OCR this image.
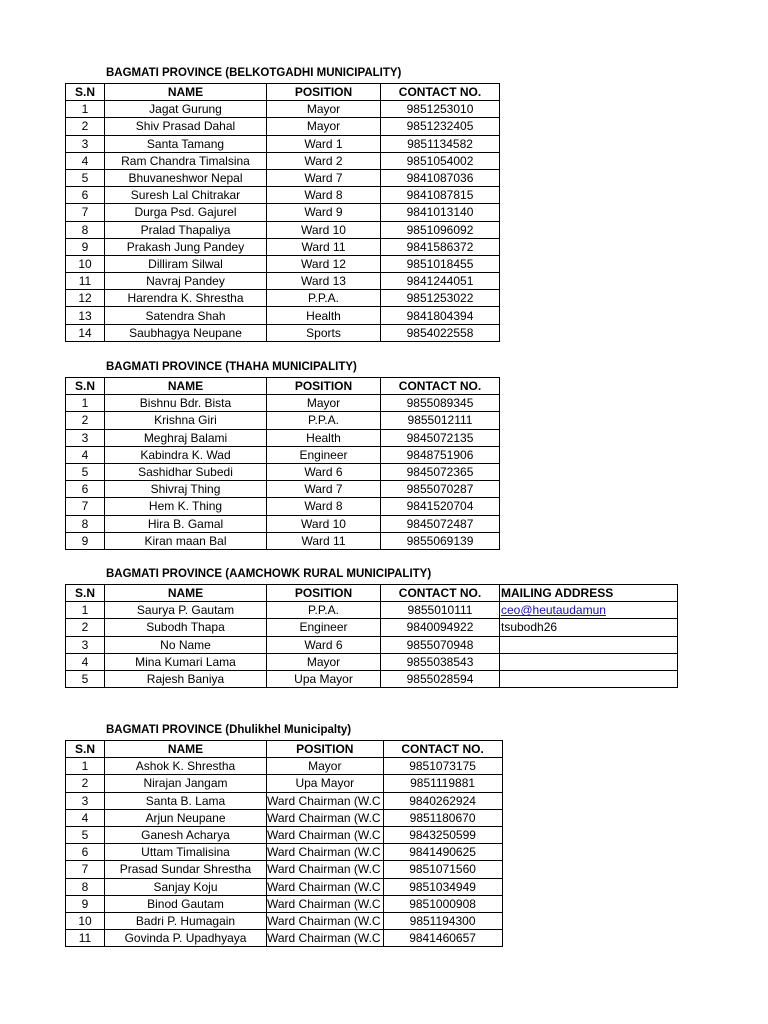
BAGMATI PROVINCE (BELKOTGADHI MUNICIPALITY)
S.N	NAME	POSITION	CONTACT NO.
1	Jagat Gurung	Mayor	9851253010
2	Shiv Prasad Dahal	Mayor	9851232405
3	Santa Tamang	Ward 1	9851134582
4	Ram Chandra Timalsina	Ward 2	9851054002
5	Bhuvaneshwor Nepal	Ward 7	9841087036
6	Suresh Lal Chitrakar	Ward 8	9841087815
7	Durga Psd. Gajurel	Ward 9	9841013140
8	Pralad Thapaliya	Ward 10	9851096092
9	Prakash Jung Pandey	Ward 11	9841586372
10	Dilliram Silwal	Ward 12	9851018455
11	Navraj Pandey	Ward 13	9841244051
12	Harendra K. Shrestha	P.P.A.	9851253022
13	Satendra Shah	Health	9841804394
14	Saubhagya Neupane	Sports	9854022558
BAGMATI PROVINCE (THAHA MUNICIPALITY)
S.N	NAME	POSITION	CONTACT NO.
1	Bishnu Bdr. Bista	Mayor	9855089345
2	Krishna Giri	P.P.A.	9855012111
3	Meghraj Balami	Health	9845072135
4	Kabindra K. Wad	Engineer	9848751906
5	Sashidhar Subedi	Ward 6	9845072365
6	Shivraj Thing	Ward 7	9855070287
7	Hem K. Thing	Ward 8	9841520704
8	Hira B. Gamal	Ward 10	9845072487
9	Kiran maan Bal	Ward 11	9855069139
BAGMATI PROVINCE (AAMCHOWK RURAL MUNICIPALITY)
S.N	NAME	POSITION	CONTACT NO.	MAILING ADDRESS
1	Saurya P. Gautam	P.P.A.	9855010111	ceo@heutaudamun
2	Subodh Thapa	Engineer	9840094922	tsubodh26
3	No Name	Ward 6	9855070948	
4	Mina Kumari Lama	Mayor	9855038543	
5	Rajesh Baniya	Upa Mayor	9855028594	
BAGMATI PROVINCE (Dhulikhel Municipalty)
S.N	NAME	POSITION	CONTACT NO.
1	Ashok K. Shrestha	Mayor	9851073175
2	Nirajan Jangam	Upa Mayor	9851119881
3	Santa B. Lama	Ward Chairman (W.C	9840262924
4	Arjun Neupane	Ward Chairman (W.C	9851180670
5	Ganesh Acharya	Ward Chairman (W.C	9843250599
6	Uttam Timalisina	Ward Chairman (W.C	9841490625
7	Prasad Sundar Shrestha	Ward Chairman (W.C	9851071560
8	Sanjay Koju	Ward Chairman (W.C	9851034949
9	Binod Gautam	Ward Chairman (W.C	9851000908
10	Badri P. Humagain	Ward Chairman (W.C	9851194300
11	Govinda P. Upadhyaya	Ward Chairman (W.C	9841460657
